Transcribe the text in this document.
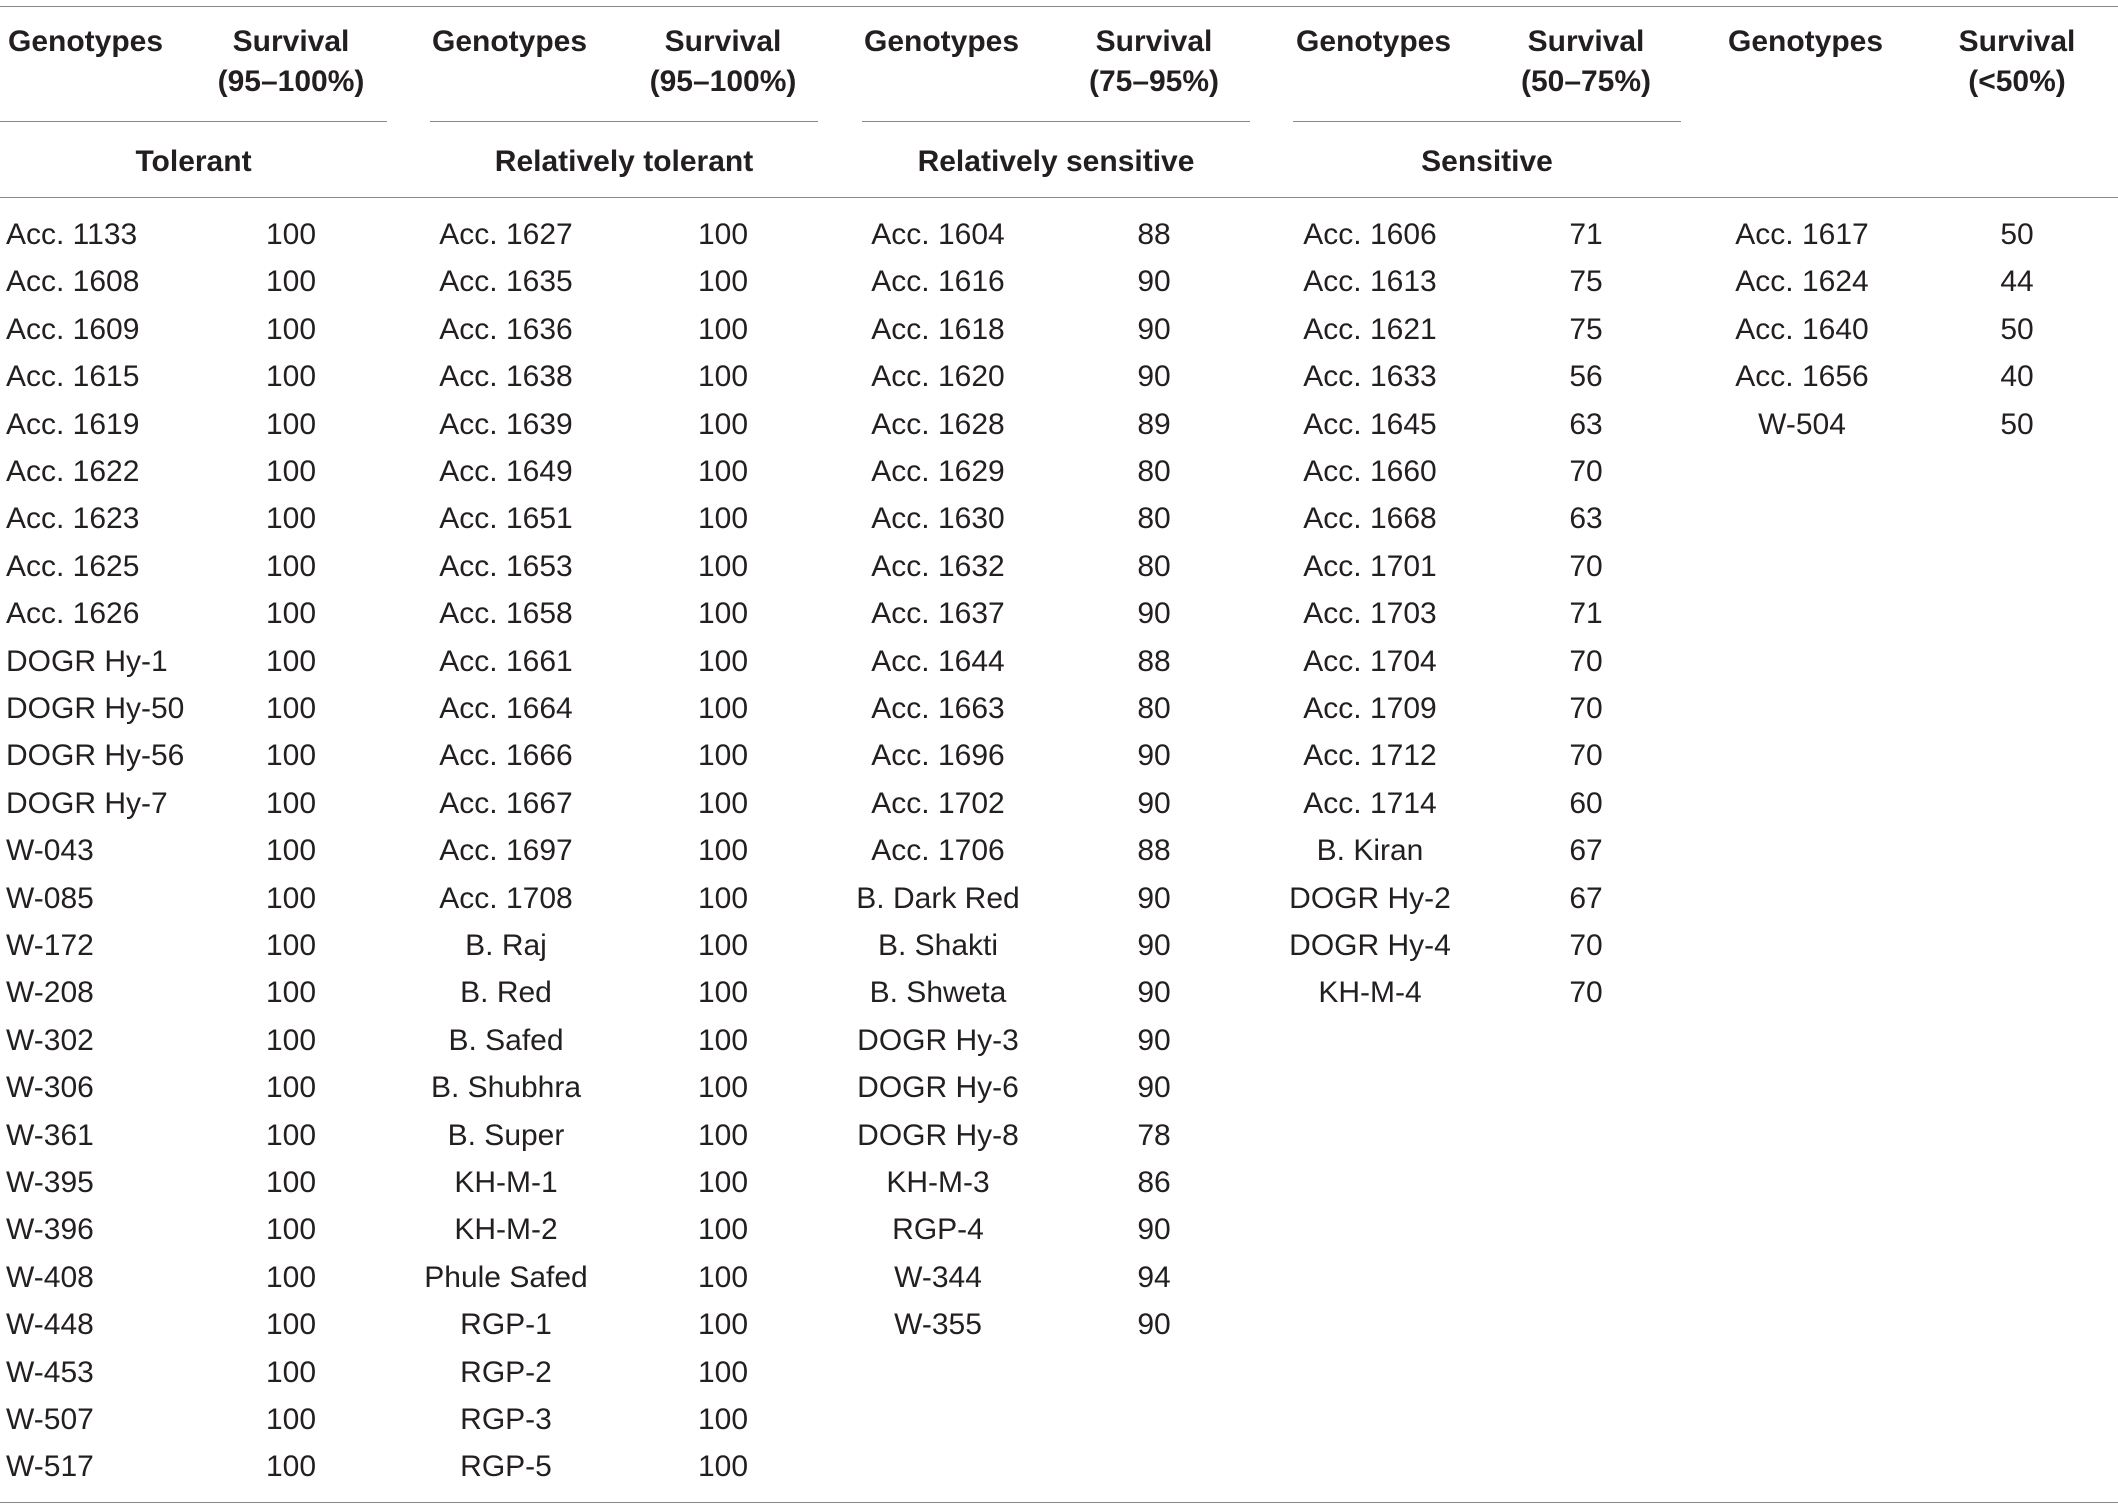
Genotypes	Survival
(95–100%)
Tolerant
Acc. 1133	100
Acc. 1608	100
Acc. 1609	100
Acc. 1615	100
Acc. 1619	100
Acc. 1622	100
Acc. 1623	100
Acc. 1625	100
Acc. 1626	100
DOGR Hy-1	100
DOGR Hy-50	100
DOGR Hy-56	100
DOGR Hy-7	100
W-043	100
W-085	100
W-172	100
W-208	100
W-302	100
W-306	100
W-361	100
W-395	100
W-396	100
W-408	100
W-448	100
W-453	100
W-507	100
W-517	100
Genotypes	Survival
(95–100%)
Relatively tolerant
Acc. 1627	100
Acc. 1635	100
Acc. 1636	100
Acc. 1638	100
Acc. 1639	100
Acc. 1649	100
Acc. 1651	100
Acc. 1653	100
Acc. 1658	100
Acc. 1661	100
Acc. 1664	100
Acc. 1666	100
Acc. 1667	100
Acc. 1697	100
Acc. 1708	100
B. Raj	100
B. Red	100
B. Safed	100
B. Shubhra	100
B. Super	100
KH-M-1	100
KH-M-2	100
Phule Safed	100
RGP-1	100
RGP-2	100
RGP-3	100
RGP-5	100
Genotypes	Survival
(75–95%)
Relatively sensitive
Acc. 1604	88
Acc. 1616	90
Acc. 1618	90
Acc. 1620	90
Acc. 1628	89
Acc. 1629	80
Acc. 1630	80
Acc. 1632	80
Acc. 1637	90
Acc. 1644	88
Acc. 1663	80
Acc. 1696	90
Acc. 1702	90
Acc. 1706	88
B. Dark Red	90
B. Shakti	90
B. Shweta	90
DOGR Hy-3	90
DOGR Hy-6	90
DOGR Hy-8	78
KH-M-3	86
RGP-4	90
W-344	94
W-355	90
Genotypes	Survival
(50–75%)
Sensitive
Acc. 1606	71
Acc. 1613	75
Acc. 1621	75
Acc. 1633	56
Acc. 1645	63
Acc. 1660	70
Acc. 1668	63
Acc. 1701	70
Acc. 1703	71
Acc. 1704	70
Acc. 1709	70
Acc. 1712	70
Acc. 1714	60
B. Kiran	67
DOGR Hy-2	67
DOGR Hy-4	70
KH-M-4	70
Genotypes	Survival
(<50%)
Acc. 1617	50
Acc. 1624	44
Acc. 1640	50
Acc. 1656	40
W-504	50
